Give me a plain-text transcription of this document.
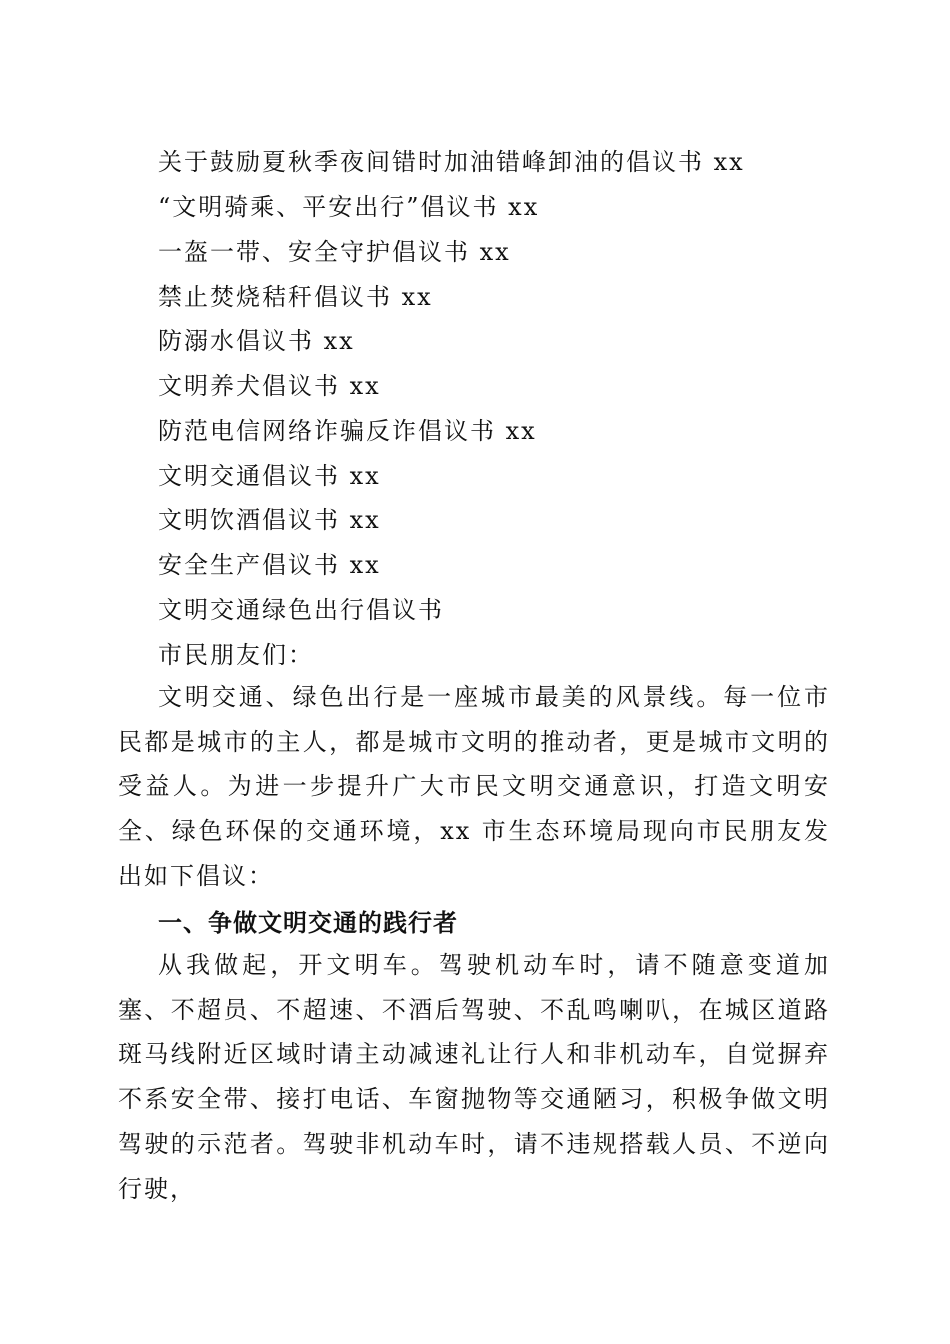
关于鼓励夏秋季夜间错时加油错峰卸油的倡议书 xx
“文明骑乘、平安出行”倡议书 xx
一盔一带、安全守护倡议书 xx
禁止焚烧秸秆倡议书 xx
防溺水倡议书 xx
文明养犬倡议书 xx
防范电信网络诈骗反诈倡议书 xx
文明交通倡议书 xx
文明饮酒倡议书 xx
安全生产倡议书 xx
文明交通绿色出行倡议书
市民朋友们：

文明交通、绿色出行是一座城市最美的风景线。每一位市民都是城市的主人，都是城市文明的推动者，更是城市文明的受益人。为进一步提升广大市民文明交通意识，打造文明安全、绿色环保的交通环境，xx 市生态环境局现向市民朋友发出如下倡议：

一、争做文明交通的践行者

从我做起，开文明车。驾驶机动车时，请不随意变道加塞、不超员、不超速、不酒后驾驶、不乱鸣喇叭，在城区道路斑马线附近区域时请主动减速礼让行人和非机动车，自觉摒弃不系安全带、接打电话、车窗抛物等交通陋习，积极争做文明驾驶的示范者。驾驶非机动车时，请不违规搭载人员、不逆向行驶，
